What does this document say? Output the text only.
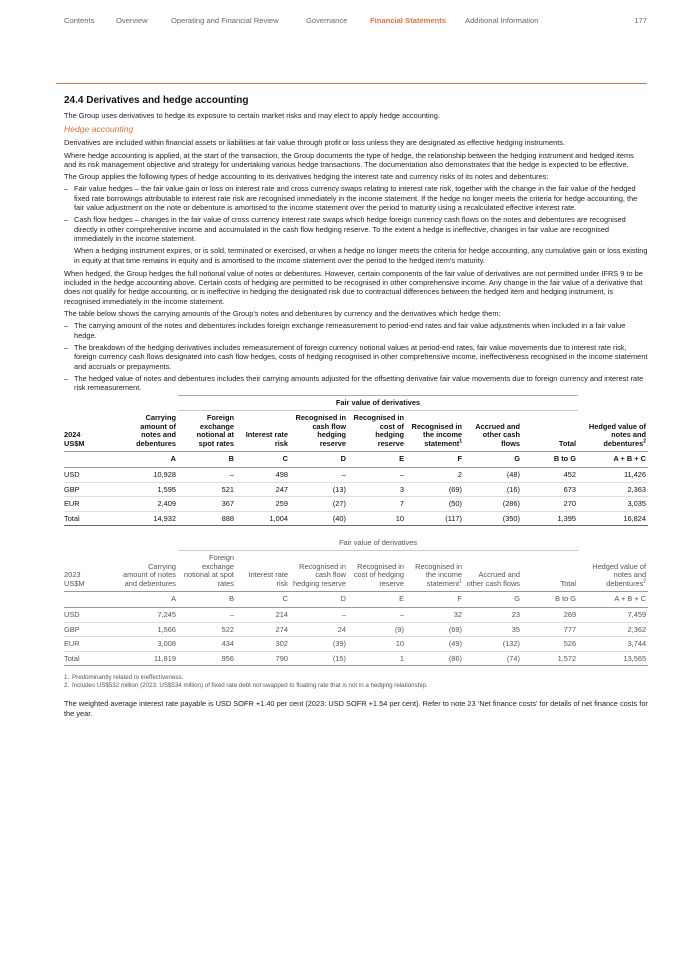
Contents	Overview	Operating and Financial Review	Governance	Financial Statements	Additional Information	177
24.4 Derivatives and hedge accounting

The Group uses derivatives to hedge its exposure to certain market risks and may elect to apply hedge accounting.

Hedge accounting

Derivatives are included within financial assets or liabilities at fair value through profit or loss unless they are designated as effective hedging instruments.

Where hedge accounting is applied, at the start of the transaction, the Group documents the type of hedge, the relationship between the hedging instrument and hedged items and its risk management objective and strategy for undertaking various hedge transactions. The documentation also demonstrates that the hedge is expected to be effective.

The Group applies the following types of hedge accounting to its derivatives hedging the interest rate and currency risks of its notes and debentures:

– Fair value hedges – the fair value gain or loss on interest rate and cross currency swaps relating to interest rate risk, together with the change in the fair value of the hedged fixed rate borrowings attributable to interest rate risk are recognised immediately in the income statement. If the hedge no longer meets the criteria for hedge accounting, the fair value adjustment on the note or debenture is amortised to the income statement over the period to maturity using a recalculated effective interest rate.
– Cash flow hedges – changes in the fair value of cross currency interest rate swaps which hedge foreign currency cash flows on the notes and debentures are recognised directly in other comprehensive income and accumulated in the cash flow hedging reserve. To the extent a hedge is ineffective, changes in fair value are recognised immediately in the income statement.

When a hedging instrument expires, or is sold, terminated or exercised, or when a hedge no longer meets the criteria for hedge accounting, any cumulative gain or loss existing in equity at that time remains in equity and is amortised to the income statement over the period to the hedged item’s maturity.

When hedged, the Group hedges the full notional value of notes or debentures. However, certain components of the fair value of derivatives are not permitted under IFRS 9 to be included in the hedge accounting above. Certain costs of hedging are permitted to be recognised in other comprehensive income. Any change in the fair value of a derivative that does not qualify for hedge accounting, or is ineffective in hedging the designated risk due to contractual differences between the hedged item and hedging instrument, is recognised immediately in the income statement.

The table below shows the carrying amounts of the Group’s notes and debentures by currency and the derivatives which hedge them:

– The carrying amount of the notes and debentures includes foreign exchange remeasurement to period-end rates and fair value adjustments when included in a fair value hedge.
– The breakdown of the hedging derivatives includes remeasurement of foreign currency notional values at period-end rates, fair value movements due to interest rate risk, foreign currency cash flows designated into cash flow hedges, costs of hedging recognised in other comprehensive income, ineffectiveness recognised in the income statement and accruals or prepayments.
– The hedged value of notes and debentures includes their carrying amounts adjusted for the offsetting derivative fair value movements due to foreign currency and interest rate risk remeasurement.
		Fair value of derivatives							
2024
US$M	Carrying amount of notes and debentures	Foreign exchange notional at spot rates	Interest rate risk	Recognised in cash flow hedging reserve	Recognised in cost of hedging reserve	Recognised in the income statement$^1$	Accrued and other cash flows	Total	Hedged value of notes and debentures$^2$
	A	B	C	D	E	F	G	B to G	A + B + C
USD	10,928	–	498	–	–	2	(48)	452	11,426
GBP	1,595	521	247	(13)	3	(69)	(16)	673	2,363
EUR	2,409	367	259	(27)	7	(50)	(286)	270	3,035
Total	14,932	888	1,004	(40)	10	(117)	(350)	1,395	16,824
		Fair value of derivatives							
2023
US$M	Carrying amount of notes and debentures	Foreign exchange notional at spot rates	Interest rate risk	Recognised in cash flow hedging reserve	Recognised in cost of hedging reserve	Recognised in the income statement$^1$	Accrued and other cash flows	Total	Hedged value of notes and debentures$^2$
	A	B	C	D	E	F	G	B to G	A + B + C
USD	7,245	–	214	–	–	32	23	269	7,459
GBP	1,566	522	274	24	(9)	(69)	35	777	2,362
EUR	3,008	434	302	(39)	10	(49)	(132)	526	3,744
Total	11,819	956	790	(15)	1	(86)	(74)	1,572	13,565
1. Predominantly related to ineffectiveness.
2. Includes US$532 million (2023: US$534 million) of fixed rate debt not swapped to floating rate that is not in a hedging relationship.

The weighted average interest rate payable is USD SOFR +1.40 per cent (2023: USD SOFR +1.54 per cent). Refer to note 23 ‘Net finance costs’ for details of net finance costs for the year.
